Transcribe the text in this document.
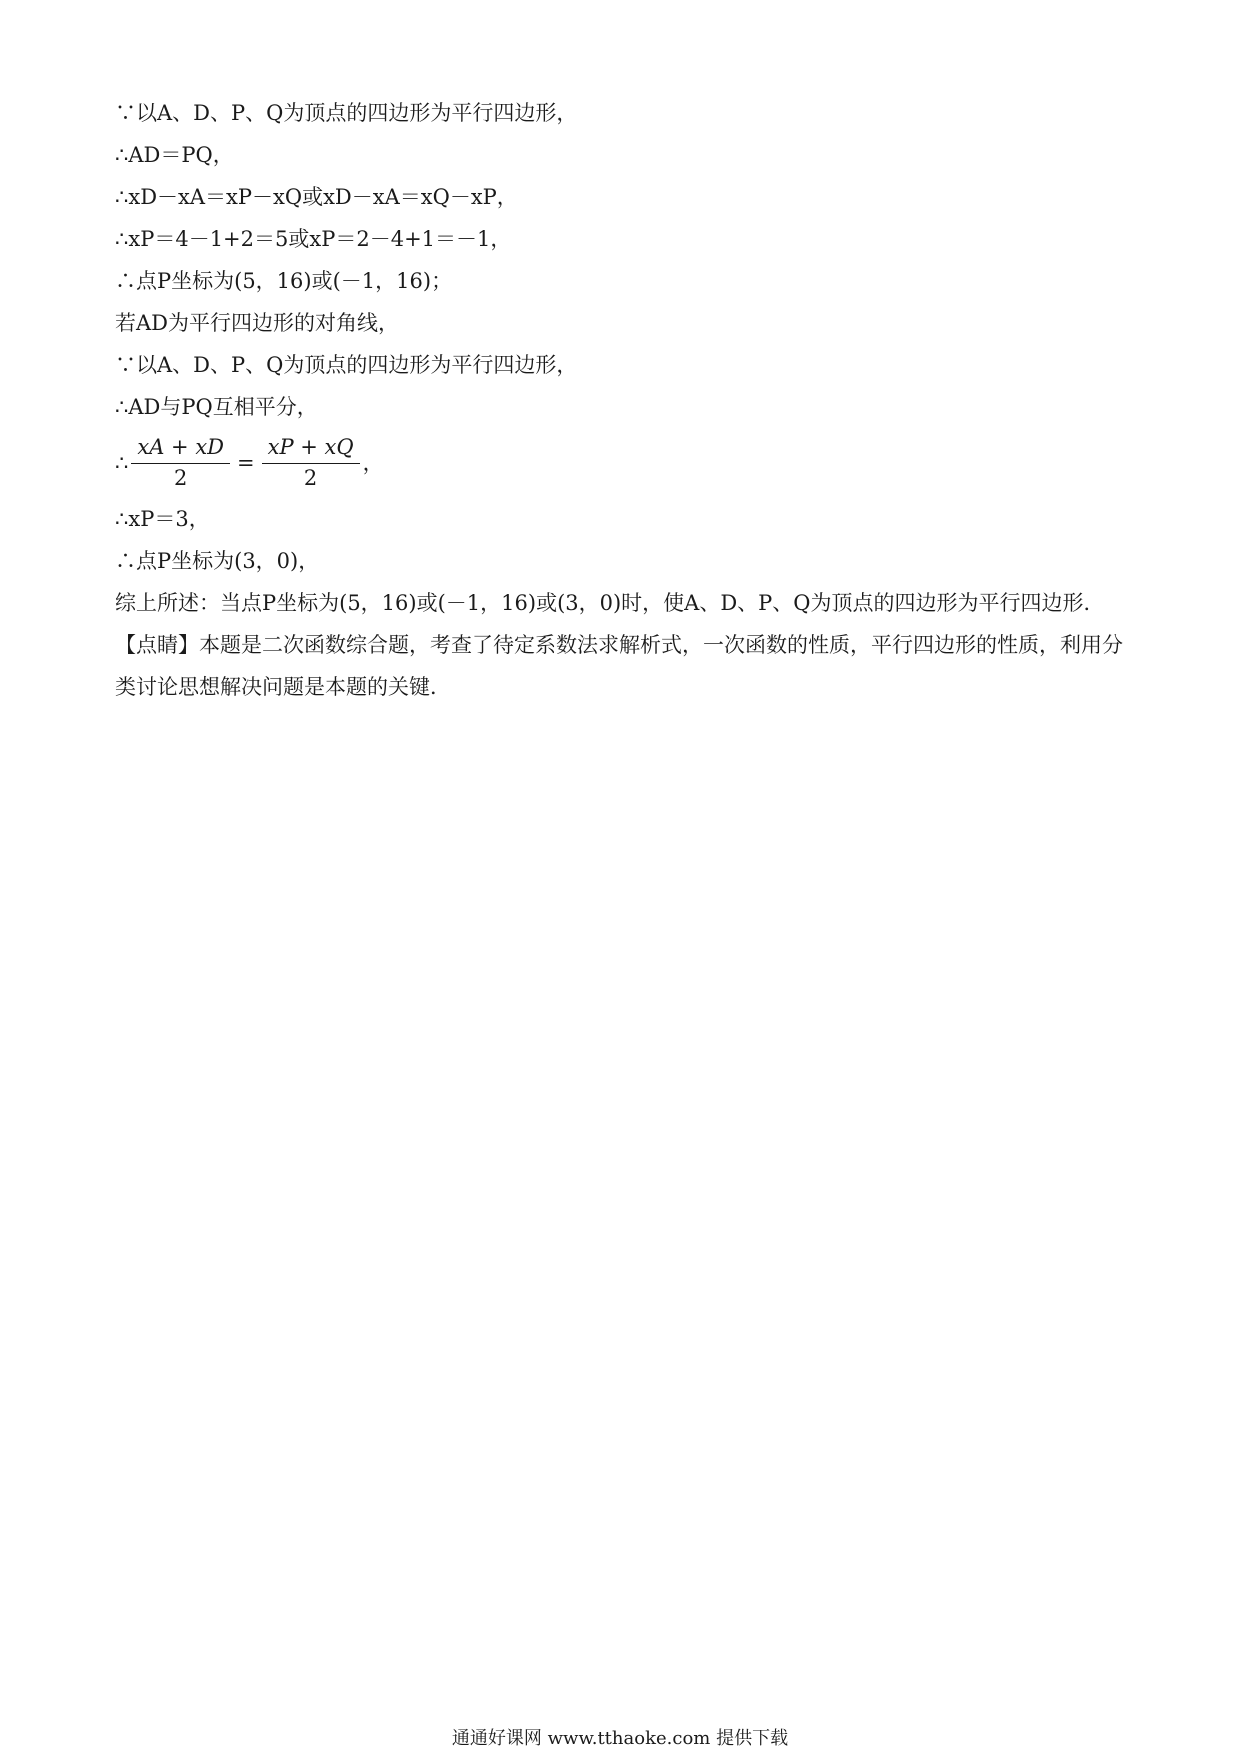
∵以A、D、P、Q为顶点的四边形为平行四边形，
∴AD＝PQ，
∴xD－xA＝xP－xQ或xD－xA＝xQ－xP，
∴xP＝4－1+2＝5或xP＝2－4+1＝－1，
∴点P坐标为(5，16)或(－1，16)；
若AD为平行四边形的对角线，
∵以A、D、P、Q为顶点的四边形为平行四边形，
∴AD与PQ互相平分，
∴ $\frac{xA + xD}{2} = \frac{xP + xQ}{2}$ ，
∴xP＝3，
∴点P坐标为(3，0)，
综上所述：当点P坐标为(5，16)或(－1，16)或(3，0)时，使A、D、P、Q为顶点的四边形为平行四边形．
【点睛】本题是二次函数综合题，考查了待定系数法求解析式，一次函数的性质，平行四边形的性质，利用分类讨论思想解决问题是本题的关键．
通通好课网 www.tthaoke.com 提供下载
